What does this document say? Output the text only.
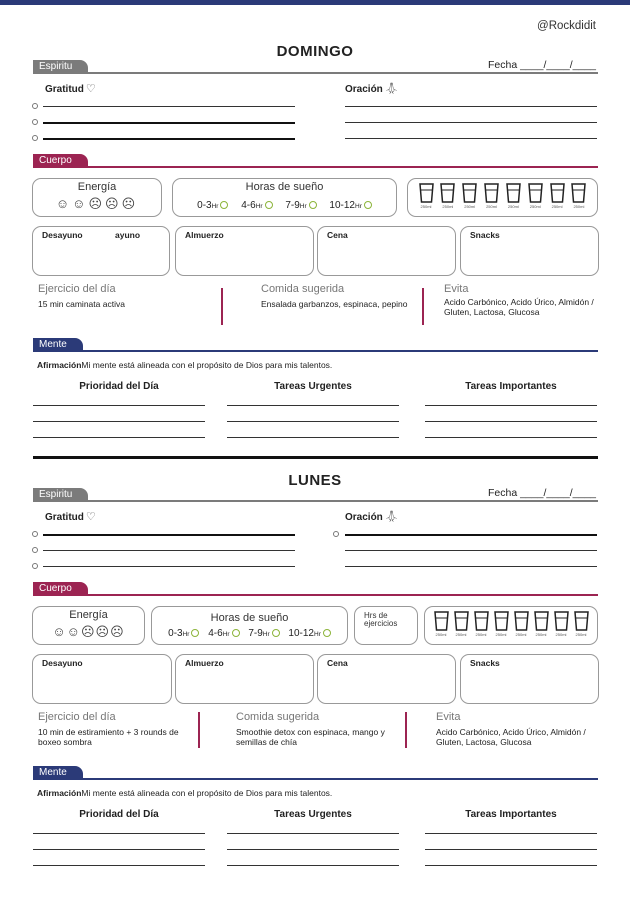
@Rockdidit
DOMINGO
Fecha ____/____/____
Espiritu
Gratitud ♡	Oración 🙏︎
Cuerpo
Energía
☺☺☹☹☹
Horas de sueño
0-3Hr 4-6Hr 7-9Hr 10-12Hr	250ml	250ml	250ml	250ml	250ml	250ml	250ml	250ml
Desayuno	ayuno	Almuerzo	Cena	Snacks
Ejercicio del día
15 min caminata activa
Comida sugerida
Ensalada garbanzos, espinaca, pepino
Evita
Acido Carbónico, Acido Úrico, Almidón / Gluten, Lactosa, Glucosa
Mente
AfirmaciónMi mente está alineada con el propósito de Dios para mis talentos.
Prioridad del Día	Tareas Urgentes	Tareas Importantes
LUNES
Fecha ____/____/____
Espiritu
Gratitud ♡	Oración 🙏︎
Cuerpo
Energía
☺☺☹☹☹
Horas de sueño
0-3Hr 4-6Hr 7-9Hr 10-12Hr
Hrs de ejercicios
250ml	250ml	250ml	250ml	250ml	250ml	250ml	250ml
Desayuno	Almuerzo	Cena	Snacks
Ejercicio del día
10 min de estiramiento + 3 rounds de boxeo sombra
Comida sugerida
Smoothie detox con espinaca, mango y semillas de chía
Evita
Acido Carbónico, Acido Úrico, Almidón / Gluten, Lactosa, Glucosa
Mente
AfirmaciónMi mente está alineada con el propósito de Dios para mis talentos.
Prioridad del Día	Tareas Urgentes	Tareas Importantes
